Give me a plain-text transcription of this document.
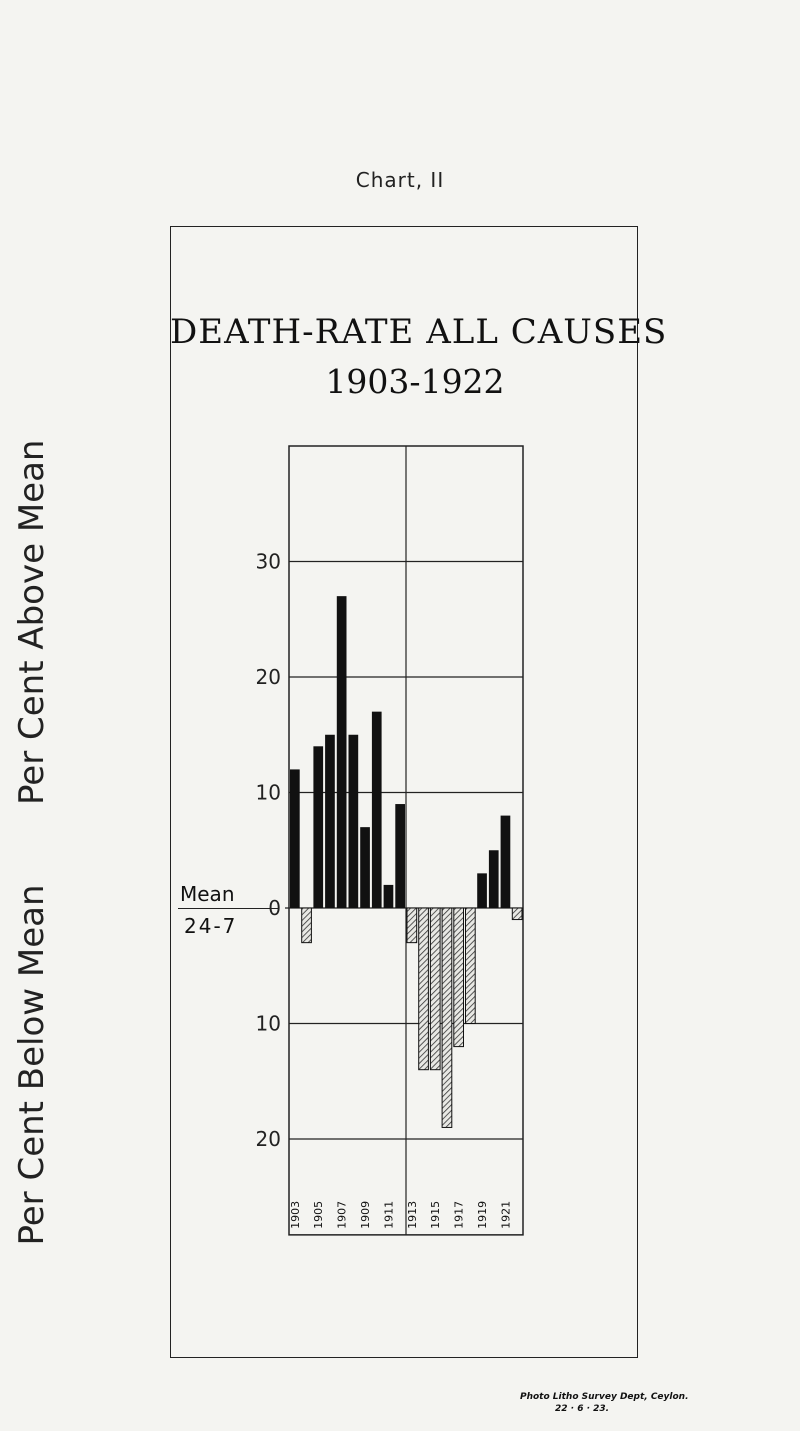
Chart, II
DEATH-RATE ALL CAUSES
1903-1922
Per Cent Above Mean
Per Cent Below Mean	Mean
24-7
30
20
10
0
10
20
1903 1905 1907 1909 1911 1913 1915 1917 1919 1921
Photo Litho Survey Dept, Ceylon.
22 · 6 · 23.
